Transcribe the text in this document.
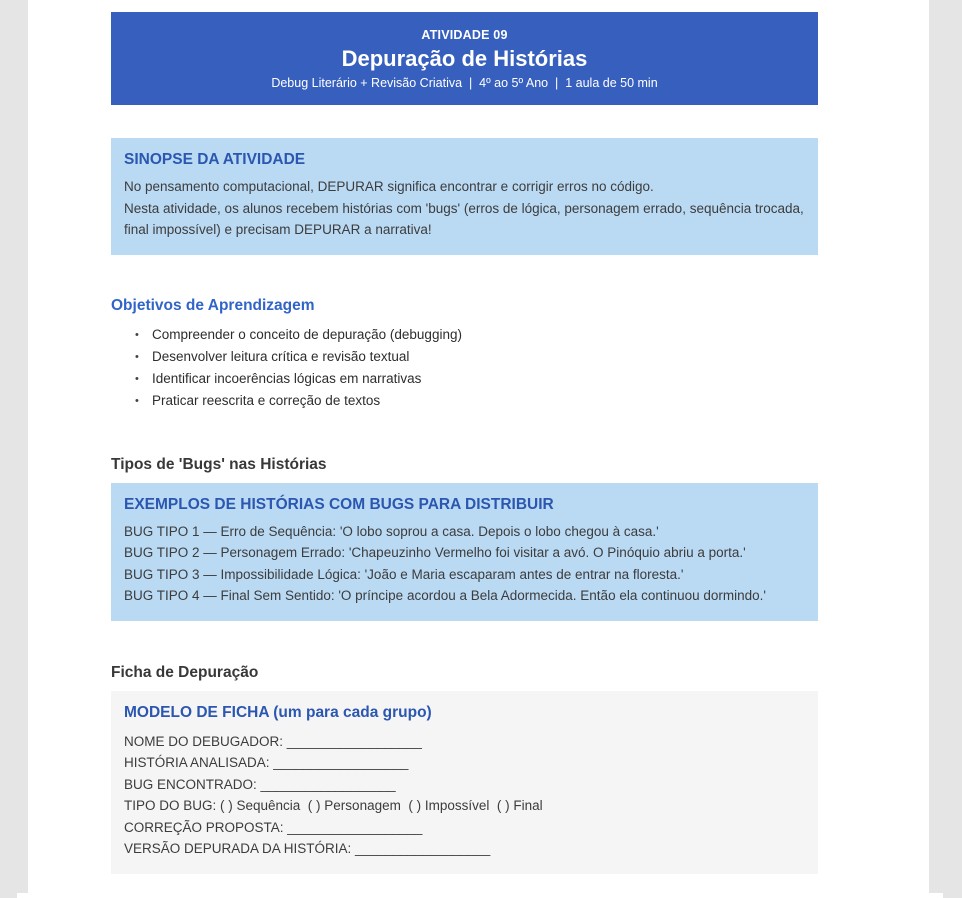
ATIVIDADE 09
Depuração de Histórias
Debug Literário + Revisão Criativa  |  4º ao 5º Ano  |  1 aula de 50 min
SINOPSE DA ATIVIDADE

No pensamento computacional, DEPURAR significa encontrar e corrigir erros no código.

Nesta atividade, os alunos recebem histórias com 'bugs' (erros de lógica, personagem errado, sequência trocada, final impossível) e precisam DEPURAR a narrativa!

Objetivos de Aprendizagem
• Compreender o conceito de depuração (debugging)
• Desenvolver leitura crítica e revisão textual
• Identificar incoerências lógicas em narrativas
• Praticar reescrita e correção de textos
Tipos de 'Bugs' nas Histórias
EXEMPLOS DE HISTÓRIAS COM BUGS PARA DISTRIBUIR

BUG TIPO 1 — Erro de Sequência: 'O lobo soprou a casa. Depois o lobo chegou à casa.'

BUG TIPO 2 — Personagem Errado: 'Chapeuzinho Vermelho foi visitar a avó. O Pinóquio abriu a porta.'

BUG TIPO 3 — Impossibilidade Lógica: 'João e Maria escaparam antes de entrar na floresta.'

BUG TIPO 4 — Final Sem Sentido: 'O príncipe acordou a Bela Adormecida. Então ela continuou dormindo.'

Ficha de Depuração
MODELO DE FICHA (um para cada grupo)

NOME DO DEBUGADOR: __________________

HISTÓRIA ANALISADA: __________________

BUG ENCONTRADO: __________________

TIPO DO BUG: ( ) Sequência  ( ) Personagem  ( ) Impossível  ( ) Final

CORREÇÃO PROPOSTA: __________________

VERSÃO DEPURADA DA HISTÓRIA: __________________
